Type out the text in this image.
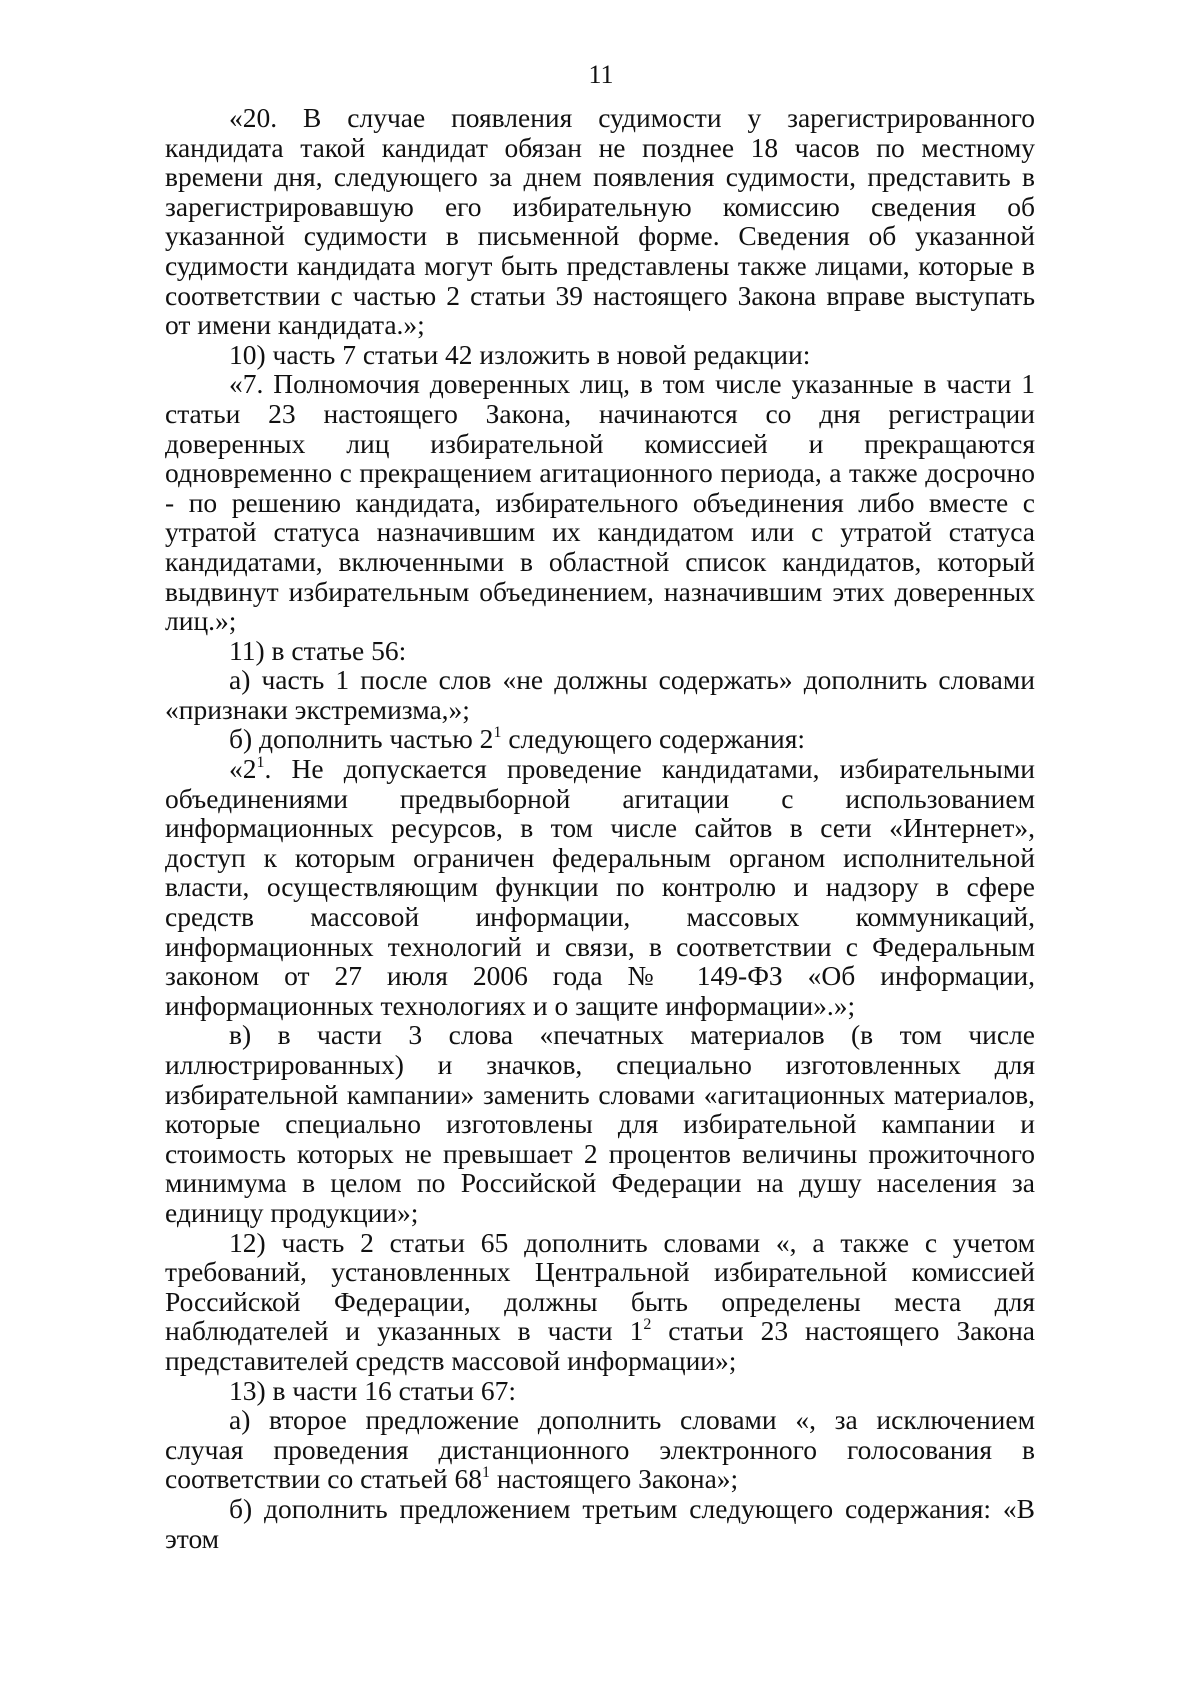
11

«20. В случае появления судимости у зарегистрированного кандидата такой кандидат обязан не позднее 18 часов по местному времени дня, следующего за днем появления судимости, представить в зарегистрировавшую его избирательную комиссию сведения об указанной судимости в письменной форме. Сведения об указанной судимости кандидата могут быть представлены также лицами, которые в соответствии с частью 2 статьи 39 настоящего Закона вправе выступать от имени кандидата.»;

10) часть 7 статьи 42 изложить в новой редакции:

«7. Полномочия доверенных лиц, в том числе указанные в части 1 статьи 23 настоящего Закона, начинаются со дня регистрации доверенных лиц избирательной комиссией и прекращаются одновременно с прекращением агитационного периода, а также досрочно - по решению кандидата, избирательного объединения либо вместе с утратой статуса назначившим их кандидатом или с утратой статуса кандидатами, включенными в областной список кандидатов, который выдвинут избирательным объединением, назначившим этих доверенных лиц.»;

11) в статье 56:

а) часть 1 после слов «не должны содержать» дополнить словами «признаки экстремизма,»;

б) дополнить частью $2^1$ следующего содержания:

«$2^1$. Не допускается проведение кандидатами, избирательными объединениями предвыборной агитации с использованием информационных ресурсов, в том числе сайтов в сети «Интернет», доступ к которым ограничен федеральным органом исполнительной власти, осуществляющим функции по контролю и надзору в сфере средств массовой информации, массовых коммуникаций, информационных технологий и связи, в соответствии с Федеральным законом от 27 июля 2006 года № 149-ФЗ «Об информации, информационных технологиях и о защите информации».»;

в) в части 3 слова «печатных материалов (в том числе иллюстрированных) и значков, специально изготовленных для избирательной кампании» заменить словами «агитационных материалов, которые специально изготовлены для избирательной кампании и стоимость которых не превышает 2 процентов величины прожиточного минимума в целом по Российской Федерации на душу населения за единицу продукции»;

12) часть 2 статьи 65 дополнить словами «, а также с учетом требований, установленных Центральной избирательной комиссией Российской Федерации, должны быть определены места для наблюдателей и указанных в части $1^2$ статьи 23 настоящего Закона представителей средств массовой информации»;

13) в части 16 статьи 67:

а) второе предложение дополнить словами «, за исключением случая проведения дистанционного электронного голосования в соответствии со статьей $68^1$ настоящего Закона»;

б) дополнить предложением третьим следующего содержания: «В этом
